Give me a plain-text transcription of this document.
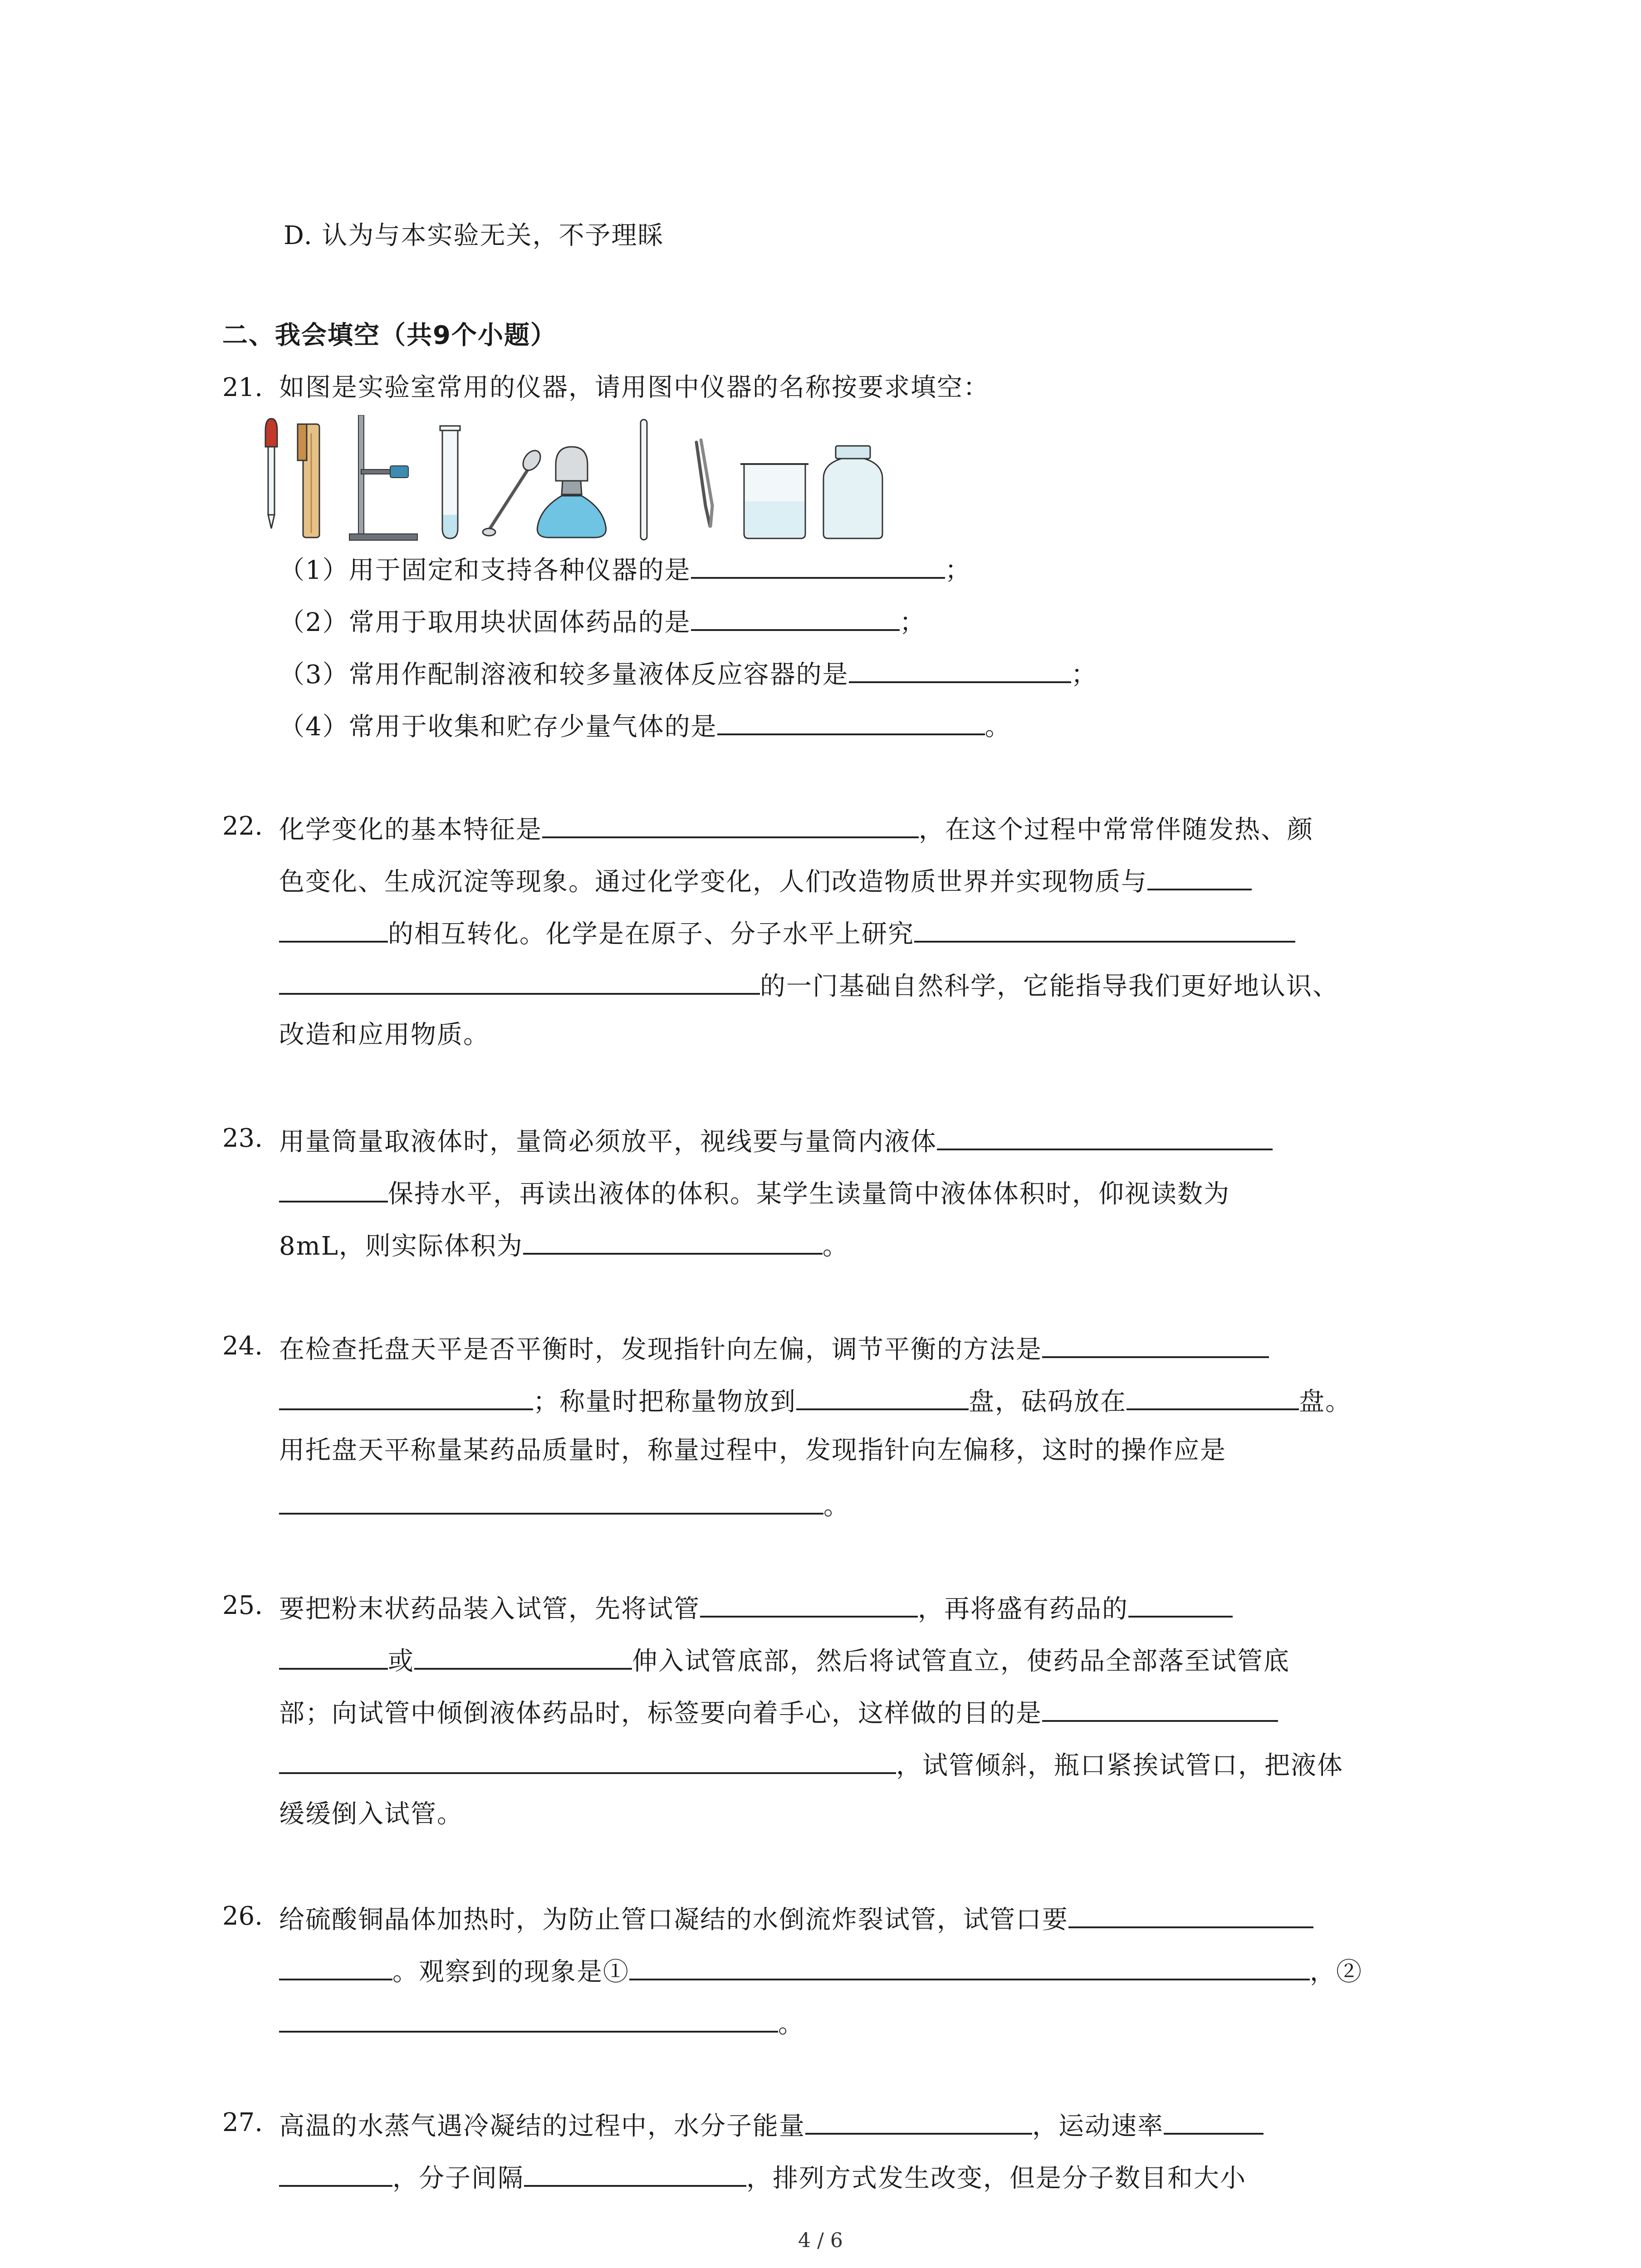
D. 认为与本实验无关，不予理睬
二、我会填空（共9个小题）
21. 如图是实验室常用的仪器，请用图中仪器的名称按要求填空：
（1）用于固定和支持各种仪器的是	；
（2）常用于取用块状固体药品的是	；
（3）常用作配制溶液和较多量液体反应容器的是	；
（4）常用于收集和贮存少量气体的是	。
22. 化学变化的基本特征是	，在这个过程中常常伴随发热、颜
色变化、生成沉淀等现象。通过化学变化，人们改造物质世界并实现物质与
的相互转化。化学是在原子、分子水平上研究
的一门基础自然科学，它能指导我们更好地认识、
改造和应用物质。
23. 用量筒量取液体时，量筒必须放平，视线要与量筒内液体
保持水平，再读出液体的体积。某学生读量筒中液体体积时，仰视读数为
8mL，则实际体积为	。
24. 在检查托盘天平是否平衡时，发现指针向左偏，调节平衡的方法是
；称量时把称量物放到	盘，砝码放在	盘。
用托盘天平称量某药品质量时，称量过程中，发现指针向左偏移，这时的操作应是
。
25. 要把粉末状药品装入试管，先将试管	，再将盛有药品的
或	伸入试管底部，然后将试管直立，使药品全部落至试管底
部；向试管中倾倒液体药品时，标签要向着手心，这样做的目的是
，试管倾斜，瓶口紧挨试管口，把液体
缓缓倒入试管。
26. 给硫酸铜晶体加热时，为防止管口凝结的水倒流炸裂试管，试管口要
。观察到的现象是①	，②
。
27. 高温的水蒸气遇冷凝结的过程中，水分子能量	，运动速率
，分子间隔	，排列方式发生改变，但是分子数目和大小
4 / 6
